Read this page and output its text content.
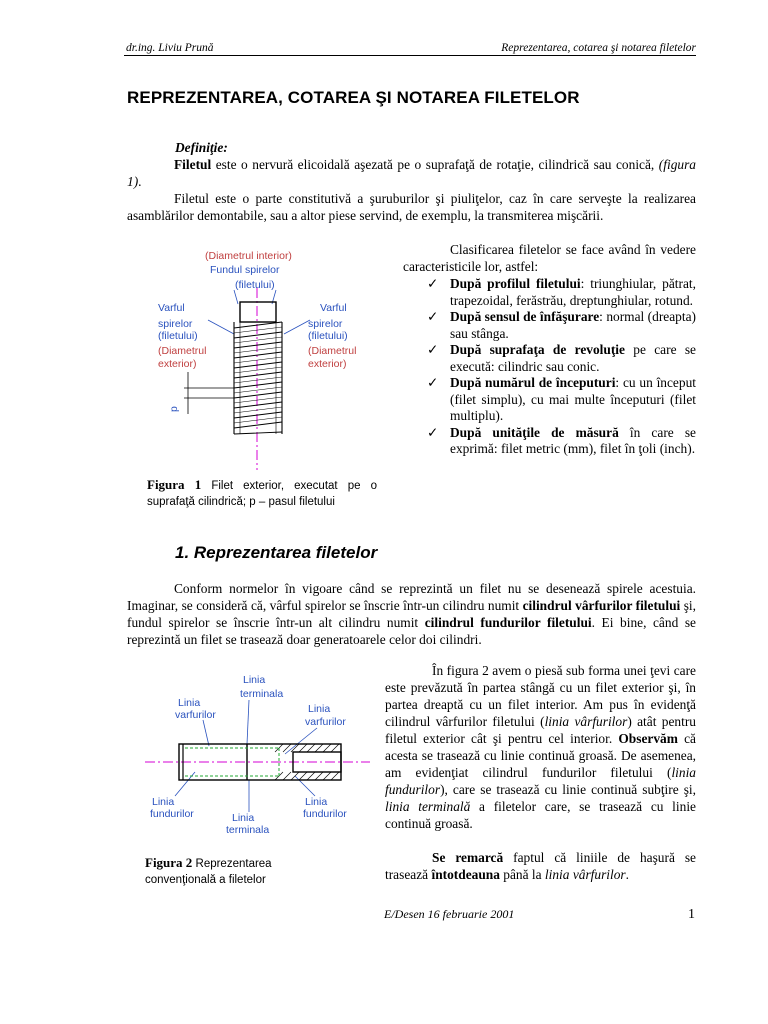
dr.ing. Liviu Prună	Reprezentarea, cotarea şi notarea filetelor
REPREZENTAREA, COTAREA ŞI NOTAREA FILETELOR
Definiţie:
Filetul este o nervură elicoidală aşezată pe o suprafaţă de rotaţie, cilindrică sau conică, (figura 1).
Filetul este o parte constitutivă a şuruburilor şi piuliţelor, caz în care serveşte la realizarea asamblărilor demontabile, sau a altor piese servind, de exemplu, la transmiterea mişcării.
(Diametrul interior)
Fundul spirelor
(filetului)
Varful
spirelor
(filetului)
(Diametrul
exterior)
Varful
spirelor
(filetului)
(Diametrul
exterior)
p
Figura 1 Filet exterior, executat pe o suprafaţă cilindrică; p – pasul filetului
Clasificarea filetelor se face având în vedere caracteristicile lor, astfel:
✓ După profilul filetului: triunghiular, pătrat, trapezoidal, ferăstrău, dreptunghiular, rotund.
✓ După sensul de înfăşurare: normal (dreapta) sau stânga.
✓ După suprafaţa de revoluţie pe care se execută: cilindric sau conic.
✓ După numărul de începuturi: cu un început (filet simplu), cu mai multe începuturi (filet multiplu).
✓ După unităţile de măsură în care se exprimă: filet metric (mm), filet în ţoli (inch).
1. Reprezentarea filetelor
Conform normelor în vigoare când se reprezintă un filet nu se desenează spirele acestuia. Imaginar, se consideră că, vârful spirelor se înscrie într-un cilindru numit cilindrul vârfurilor filetului şi, fundul spirelor se înscrie într-un alt cilindru numit cilindrul fundurilor filetului. Ei bine, când se reprezintă un filet se trasează doar generatoarele celor doi cilindri.
Linia
terminala
Linia
varfurilor	Linia
varfurilor
Linia
fundurilor	Linia
terminala
Linia
fundurilor
Figura 2 Reprezentarea convenţională a filetelor
În figura 2 avem o piesă sub forma unei ţevi care este prevăzută în partea stângă cu un filet exterior şi, în partea dreaptă cu un filet interior. Am pus în evidenţă cilindrul vârfurilor filetului (linia vârfurilor) atât pentru filetul exterior cât şi pentru cel interior. Observăm că acesta se trasează cu linie continuă groasă. De asemenea, am evidenţiat cilindrul fundurilor filetului (linia fundurilor), care se trasează cu linie continuă subţire şi, linia terminală a filetelor care, se trasează cu linie continuă groasă.
Se remarcă faptul că liniile de haşură se trasează întotdeauna până la linia vârfurilor.
E/Desen 16 februarie 2001	1
